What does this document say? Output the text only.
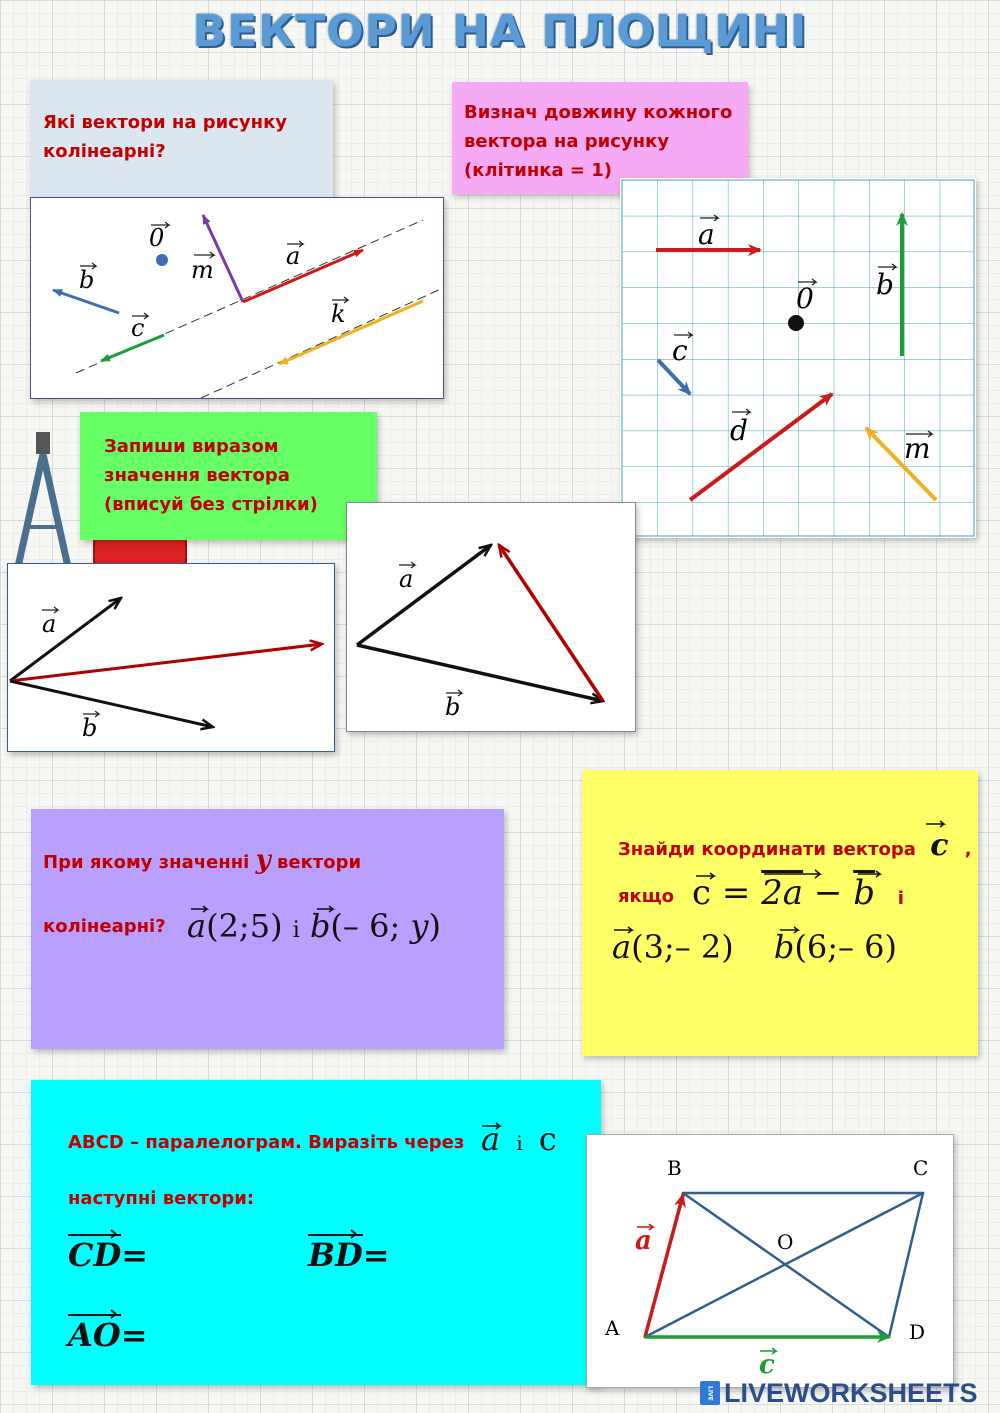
ВЕКТОРИ НА ПЛОЩИНІ
Які вектори на рисунку колінеарні?
0
m	a
b
c	k
Визнач довжину кожного вектора на рисунку (клітинка = 1)
a
b
0
c
d
m
Запиши виразом значення вектора (вписуй без стрілки)
a
b
a
b
При якому значенні y вектори
колінеарні? a(2;5) і b(– 6; y)
Знайди координати вектора c ,
якщо $c = 2a - \overline{b}$ і
a(3;– 2) b(6;– 6)
ABCD – паралелограм. Виразіть через a і c
наступні вектори:
CD=	BD=
AO=
B	C
A	D
O
a
c
LIVE LIVEWORKSHEETS
